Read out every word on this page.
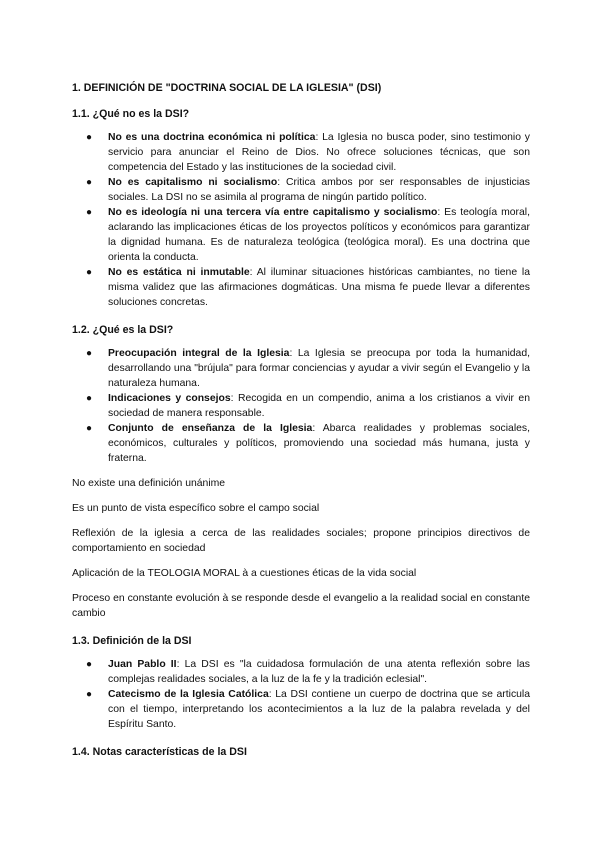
1. DEFINICIÓN DE "DOCTRINA SOCIAL DE LA IGLESIA" (DSI)

1.1. ¿Qué no es la DSI?

● No es una doctrina económica ni política: La Iglesia no busca poder, sino testimonio y servicio para anunciar el Reino de Dios. No ofrece soluciones técnicas, que son competencia del Estado y las instituciones de la sociedad civil.
● No es capitalismo ni socialismo: Critica ambos por ser responsables de injusticias sociales. La DSI no se asimila al programa de ningún partido político.
● No es ideología ni una tercera vía entre capitalismo y socialismo: Es teología moral, aclarando las implicaciones éticas de los proyectos políticos y económicos para garantizar la dignidad humana. Es de naturaleza teológica (teológica moral). Es una doctrina que orienta la conducta.
● No es estática ni inmutable: Al iluminar situaciones históricas cambiantes, no tiene la misma validez que las afirmaciones dogmáticas. Una misma fe puede llevar a diferentes soluciones concretas.

1.2. ¿Qué es la DSI?

● Preocupación integral de la Iglesia: La Iglesia se preocupa por toda la humanidad, desarrollando una "brújula" para formar conciencias y ayudar a vivir según el Evangelio y la naturaleza humana.
● Indicaciones y consejos: Recogida en un compendio, anima a los cristianos a vivir en sociedad de manera responsable.
● Conjunto de enseñanza de la Iglesia: Abarca realidades y problemas sociales, económicos, culturales y políticos, promoviendo una sociedad más humana, justa y fraterna.

No existe una definición unánime

Es un punto de vista específico sobre el campo social

Reflexión de la iglesia a cerca de las realidades sociales; propone principios directivos de comportamiento en sociedad

Aplicación de la TEOLOGIA MORAL à a cuestiones éticas de la vida social

Proceso en constante evolución à se responde desde el evangelio a la realidad social en constante cambio

1.3. Definición de la DSI

● Juan Pablo II: La DSI es "la cuidadosa formulación de una atenta reflexión sobre las complejas realidades sociales, a la luz de la fe y la tradición eclesial".
● Catecismo de la Iglesia Católica: La DSI contiene un cuerpo de doctrina que se articula con el tiempo, interpretando los acontecimientos a la luz de la palabra revelada y del Espíritu Santo.

1.4. Notas características de la DSI
